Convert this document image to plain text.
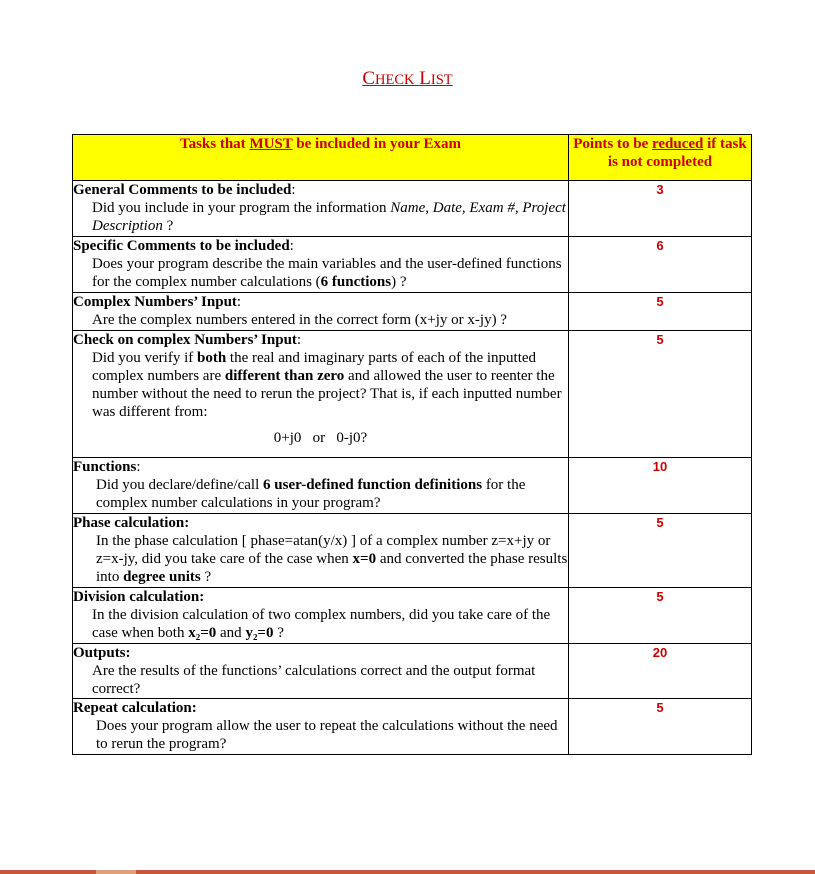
CHECK LIST
Tasks that MUST be included in your Exam	Points to be reduced if task is not completed

General Comments to be included:
Did you include in your program the information Name, Date, Exam #, Project Description ?	3

Specific Comments to be included:
Does your program describe the main variables and the user-defined functions for the complex number calculations (6 functions) ?	6

Complex Numbers’ Input:
Are the complex numbers entered in the correct form (x+jy or x-jy) ?	5

Check on complex Numbers’ Input:
Did you verify if both the real and imaginary parts of each of the inputted complex numbers are different than zero and allowed the user to reenter the number without the need to rerun the project? That is, if each inputted number was different from:
0+j0   or   0-j0?	5

Functions:
Did you declare/define/call 6 user-defined function definitions for the complex number calculations in your program?	10

Phase calculation:
In the phase calculation [ phase=atan(y/x) ] of a complex number z=x+jy or z=x-jy, did you take care of the case when x=0 and converted the phase results into degree units ?	5

Division calculation:
In the division calculation of two complex numbers, did you take care of the case when both x₂=0 and y₂=0 ?	5

Outputs:
Are the results of the functions’ calculations correct and the output format correct?	20

Repeat calculation:
Does your program allow the user to repeat the calculations without the need to rerun the program?	5
